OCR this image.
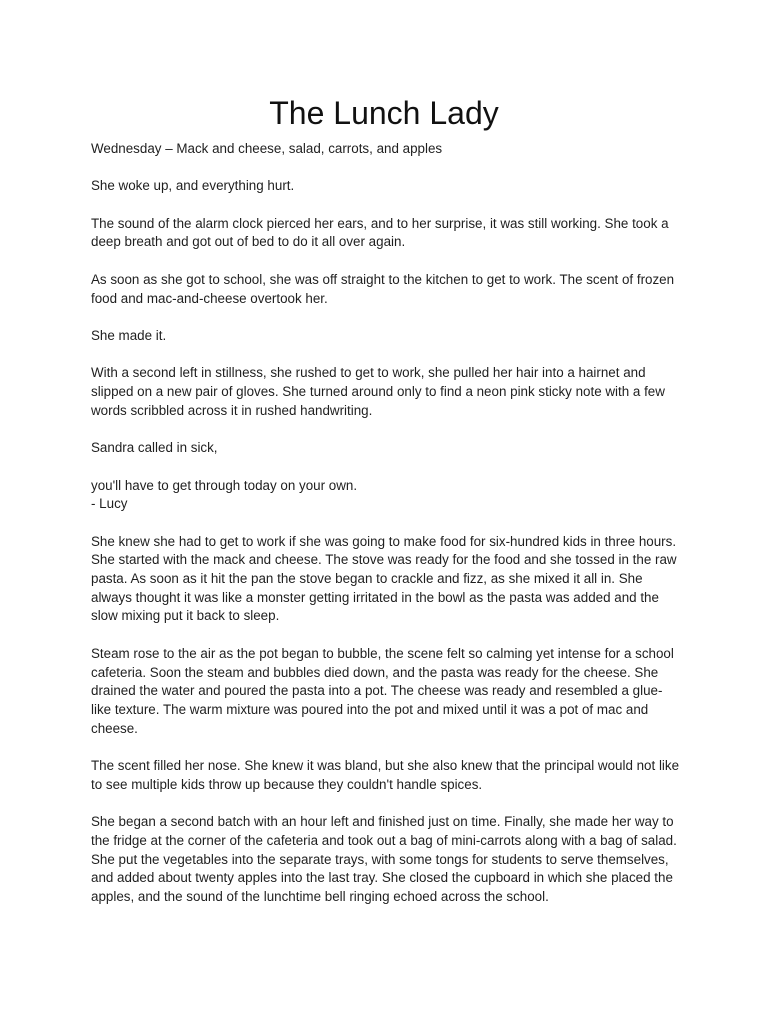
The Lunch Lady

Wednesday – Mack and cheese, salad, carrots, and apples

She woke up, and everything hurt.

The sound of the alarm clock pierced her ears, and to her surprise, it was still working. She took a deep breath and got out of bed to do it all over again.

As soon as she got to school, she was off straight to the kitchen to get to work. The scent of frozen food and mac-and-cheese overtook her.

She made it.

With a second left in stillness, she rushed to get to work, she pulled her hair into a hairnet and slipped on a new pair of gloves. She turned around only to find a neon pink sticky note with a few words scribbled across it in rushed handwriting.

Sandra called in sick,

you'll have to get through today on your own.
- Lucy

She knew she had to get to work if she was going to make food for six-hundred kids in three hours. She started with the mack and cheese. The stove was ready for the food and she tossed in the raw pasta. As soon as it hit the pan the stove began to crackle and fizz, as she mixed it all in. She always thought it was like a monster getting irritated in the bowl as the pasta was added and the slow mixing put it back to sleep.

Steam rose to the air as the pot began to bubble, the scene felt so calming yet intense for a school cafeteria. Soon the steam and bubbles died down, and the pasta was ready for the cheese. She drained the water and poured the pasta into a pot. The cheese was ready and resembled a glue-like texture. The warm mixture was poured into the pot and mixed until it was a pot of mac and cheese.

The scent filled her nose. She knew it was bland, but she also knew that the principal would not like to see multiple kids throw up because they couldn't handle spices.

She began a second batch with an hour left and finished just on time. Finally, she made her way to the fridge at the corner of the cafeteria and took out a bag of mini-carrots along with a bag of salad. She put the vegetables into the separate trays, with some tongs for students to serve themselves, and added about twenty apples into the last tray. She closed the cupboard in which she placed the apples, and the sound of the lunchtime bell ringing echoed across the school.
